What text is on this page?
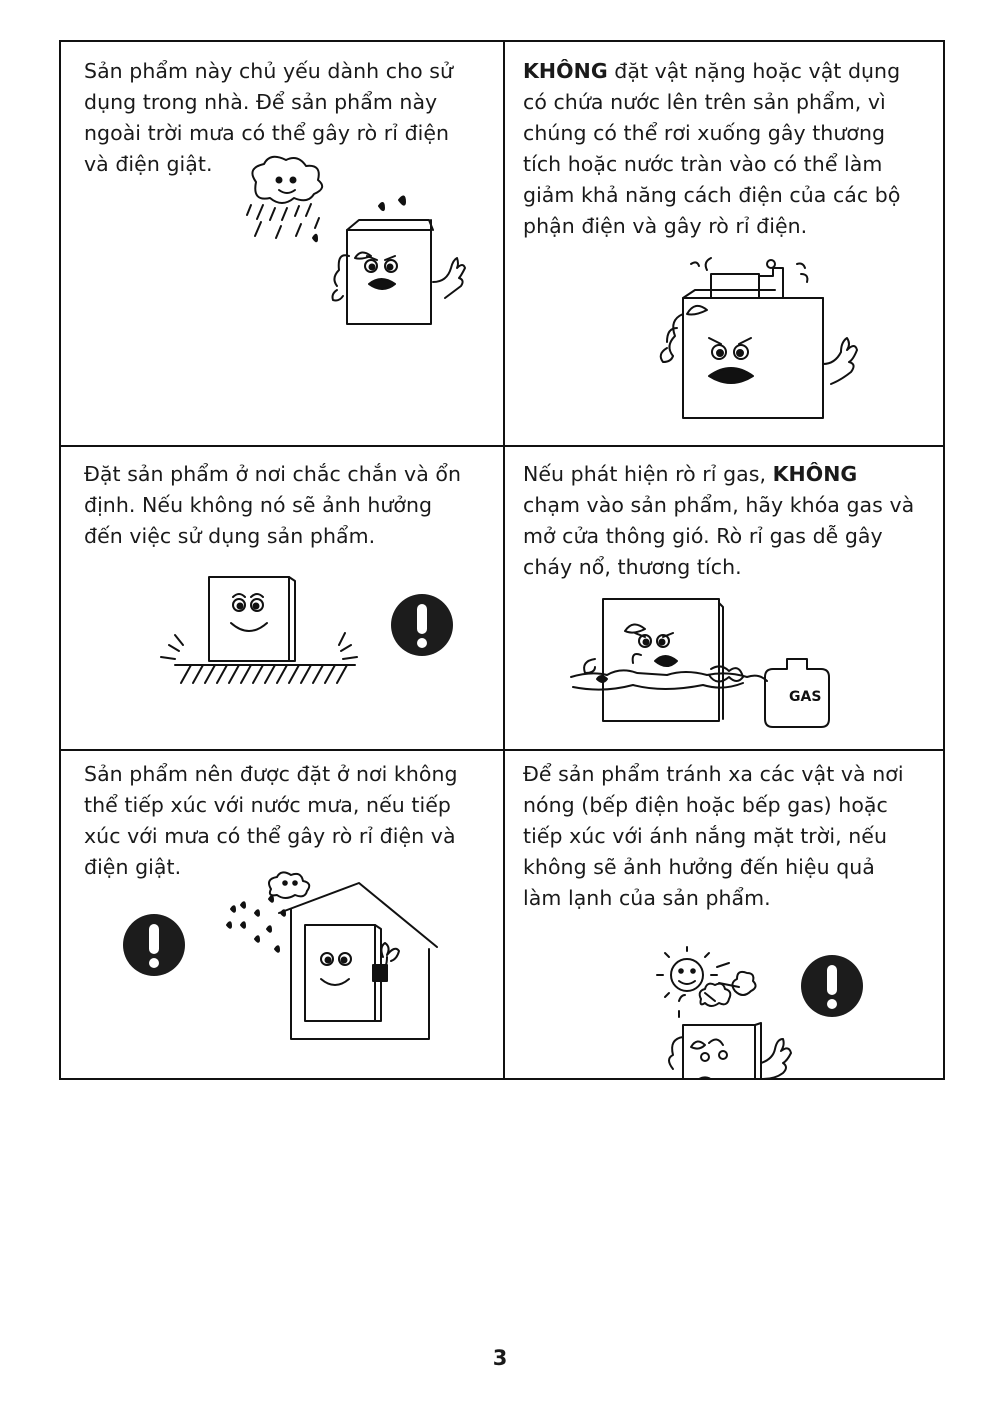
Sản phẩm này chủ yếu dành cho sử
dụng trong nhà. Để sản phẩm này
ngoài trời mưa có thể gây rò rỉ điện
và điện giật.
KHÔNG đặt vật nặng hoặc vật dụng
có chứa nước lên trên sản phẩm, vì
chúng có thể rơi xuống gây thương
tích hoặc nước tràn vào có thể làm
giảm khả năng cách điện của các bộ
phận điện và gây rò rỉ điện.
Đặt sản phẩm ở nơi chắc chắn và ổn
định. Nếu không nó sẽ ảnh hưởng
đến việc sử dụng sản phẩm.
Nếu phát hiện rò rỉ gas, KHÔNG
chạm vào sản phẩm, hãy khóa gas và
mở cửa thông gió. Rò rỉ gas dễ gây
cháy nổ, thương tích.
GAS
Sản phẩm nên được đặt ở nơi không
thể tiếp xúc với nước mưa, nếu tiếp
xúc với mưa có thể gây rò rỉ điện và
điện giật.
Để sản phẩm tránh xa các vật và nơi
nóng (bếp điện hoặc bếp gas) hoặc
tiếp xúc với ánh nắng mặt trời, nếu
không sẽ ảnh hưởng đến hiệu quả
làm lạnh của sản phẩm.
3
